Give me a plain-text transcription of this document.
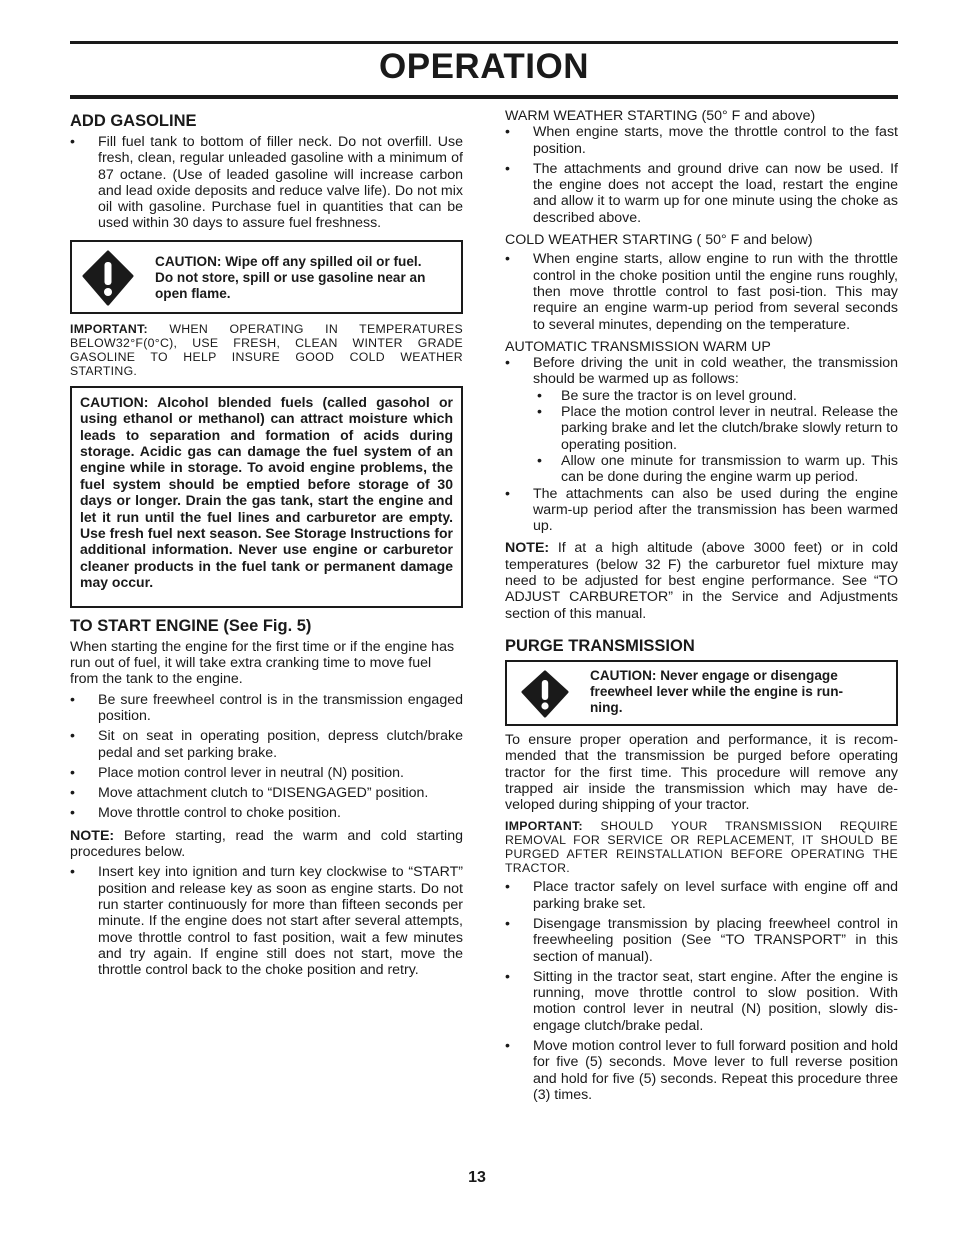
OPERATION
ADD GASOLINE
• Fill fuel tank to bottom of filler neck. Do not overfill. Use fresh, clean, regular unleaded gasoline with a minimum of 87 octane. (Use of leaded gasoline will increase carbon and lead oxide deposits and reduce valve life). Do not mix oil with gasoline. Purchase fuel in quantities that can be used within 30 days to assure fuel freshness.

CAUTION: Wipe off any spilled oil or fuel. Do not store, spill or use gasoline near an open flame.

IMPORTANT: WHEN OPERATING IN TEMPERATURES BELOW32°F(0°C), USE FRESH, CLEAN WINTER GRADE GASOLINE TO HELP INSURE GOOD COLD WEATHER STARTING.

CAUTION: Alcohol blended fuels (called gasohol or using ethanol or methanol) can attract moisture which leads to separation and formation of acids during storage. Acidic gas can damage the fuel system of an engine while in storage. To avoid engine problems, the fuel system should be emptied before storage of 30 days or longer. Drain the gas tank, start the engine and let it run until the fuel lines and carburetor are empty. Use fresh fuel next season. See Storage Instructions for additional information. Never use engine or carburetor cleaner products in the fuel tank or permanent damage may occur.

TO START ENGINE (See Fig. 5)

When starting the engine for the first time or if the engine has run out of fuel, it will take extra cranking time to move fuel from the tank to the engine.

• Be sure freewheel control is in the transmission engaged position.
• Sit on seat in operating position, depress clutch/brake pedal and set parking brake.
• Place motion control lever in neutral (N) position.
• Move attachment clutch to “DISENGAGED” position.
• Move throttle control to choke position.

NOTE: Before starting, read the warm and cold starting procedures below.

• Insert key into ignition and turn key clockwise to “START” position and release key as soon as engine starts. Do not run starter continuously for more than fifteen seconds per minute. If the engine does not start after several attempts, move throttle control to fast position, wait a few minutes and try again. If engine still does not start, move the throttle control back to the choke position and retry.

WARM WEATHER STARTING (50° F and above)

• When engine starts, move the throttle control to the fast position.
• The attachments and ground drive can now be used. If the engine does not accept the load, restart the engine and allow it to warm up for one minute using the choke as described above.

COLD WEATHER STARTING ( 50° F and below)

• When engine starts, allow engine to run with the throttle control in the choke position until the engine runs roughly, then move throttle control to fast posi-tion. This may require an engine warm-up period from several seconds to several minutes, depending on the temperature.

AUTOMATIC TRANSMISSION WARM UP

• Before driving the unit in cold weather, the transmission should be warmed up as follows:
• Be sure the tractor is on level ground.
• Place the motion control lever in neutral. Release the parking brake and let the clutch/brake slowly return to operating position.
• Allow one minute for transmission to warm up. This can be done during the engine warm up period.
• The attachments can also be used during the engine warm-up period after the transmission has been warmed up.

NOTE: If at a high altitude (above 3000 feet) or in cold temperatures (below 32 F) the carburetor fuel mixture may need to be adjusted for best engine performance. See “TO ADJUST CARBURETOR” in the Service and Adjustments section of this manual.

PURGE TRANSMISSION

CAUTION: Never engage or disengage freewheel lever while the engine is run-ning.

To ensure proper operation and performance, it is recom-mended that the transmission be purged before operating tractor for the first time. This procedure will remove any trapped air inside the transmission which may have de-veloped during shipping of your tractor.

IMPORTANT: SHOULD YOUR TRANSMISSION REQUIRE REMOVAL FOR SERVICE OR REPLACEMENT, IT SHOULD BE PURGED AFTER REINSTALLATION BEFORE OPERATING THE TRACTOR.

• Place tractor safely on level surface with engine off and parking brake set.
• Disengage transmission by placing freewheel control in freewheeling position (See “TO TRANSPORT” in this section of manual).
• Sitting in the tractor seat, start engine. After the engine is running, move throttle control to slow position. With motion control lever in neutral (N) position, slowly dis-engage clutch/brake pedal.
• Move motion control lever to full forward position and hold for five (5) seconds. Move lever to full reverse position and hold for five (5) seconds. Repeat this procedure three (3) times.
13
